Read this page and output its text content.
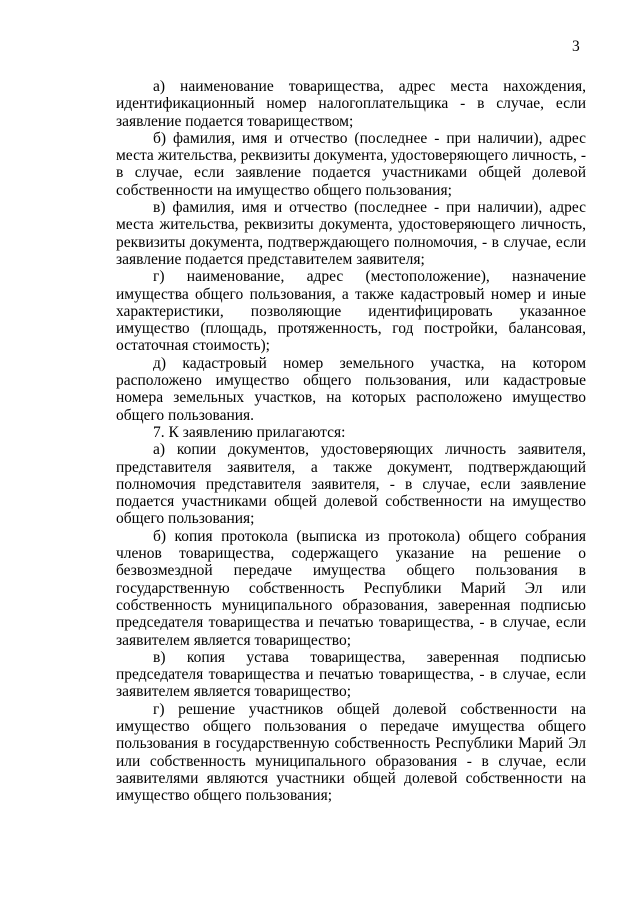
3

а) наименование товарищества, адрес места нахождения, идентификационный номер налогоплательщика - в случае, если заявление подается товариществом;

б) фамилия, имя и отчество (последнее - при наличии), адрес места жительства, реквизиты документа, удостоверяющего личность, - в случае, если заявление подается участниками общей долевой собственности на имущество общего пользования;

в) фамилия, имя и отчество (последнее - при наличии), адрес места жительства, реквизиты документа, удостоверяющего личность, реквизиты документа, подтверждающего полномочия, - в случае, если заявление подается представителем заявителя;

г) наименование, адрес (местоположение), назначение имущества общего пользования, а также кадастровый номер и иные характеристики, позволяющие идентифицировать указанное имущество (площадь, протяженность, год постройки, балансовая, остаточная стоимость);

д) кадастровый номер земельного участка, на котором расположено имущество общего пользования, или кадастровые номера земельных участков, на которых расположено имущество общего пользования.

7. К заявлению прилагаются:

а) копии документов, удостоверяющих личность заявителя, представителя заявителя, а также документ, подтверждающий полномочия представителя заявителя, - в случае, если заявление подается участниками общей долевой собственности на имущество общего пользования;

б) копия протокола (выписка из протокола) общего собрания членов товарищества, содержащего указание на решение о безвозмездной передаче имущества общего пользования в государственную собственность Республики Марий Эл или собственность муниципального образования, заверенная подписью председателя товарищества и печатью товарищества, - в случае, если заявителем является товарищество;

в) копия устава товарищества, заверенная подписью председателя товарищества и печатью товарищества, - в случае, если заявителем является товарищество;

г) решение участников общей долевой собственности на имущество общего пользования о передаче имущества общего пользования в государственную собственность Республики Марий Эл или собственность муниципального образования - в случае, если заявителями являются участники общей долевой собственности на имущество общего пользования;
